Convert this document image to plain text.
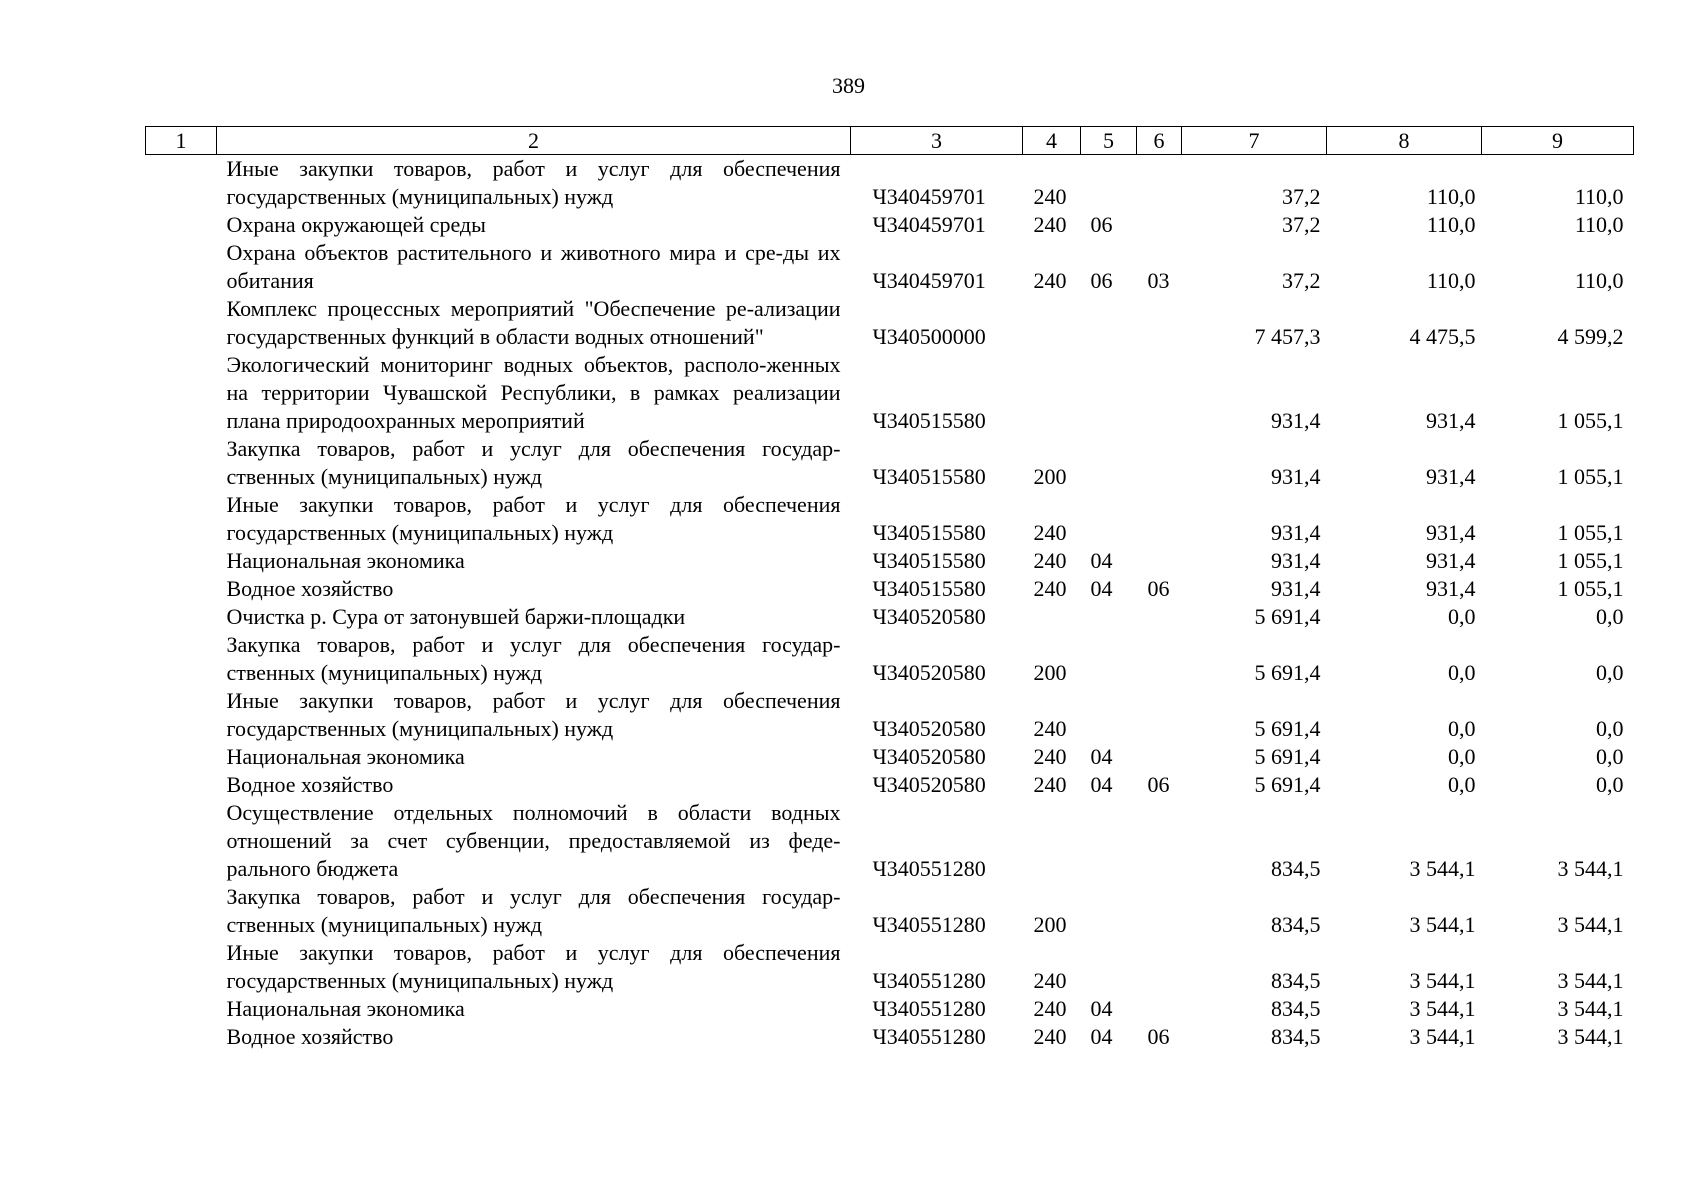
389
1	2	3	4	5	6	7	8	9
	Иные закупки товаров, работ и услуг для обеспечения государственных (муниципальных) нужд	Ч340459701	240			37,2	110,0	110,0
	Охрана окружающей среды	Ч340459701	240	06		37,2	110,0	110,0
	Охрана объектов растительного и животного мира и сре-ды их обитания	Ч340459701	240	06	03	37,2	110,0	110,0
	Комплекс процессных мероприятий "Обеспечение ре-ализации государственных функций в области водных отношений"	Ч340500000				7 457,3	4 475,5	4 599,2
	Экологический мониторинг водных объектов, располо-женных на территории Чувашской Республики, в рамках реализации плана природоохранных мероприятий	Ч340515580				931,4	931,4	1 055,1
	Закупка товаров, работ и услуг для обеспечения государ-ственных (муниципальных) нужд	Ч340515580	200			931,4	931,4	1 055,1
	Иные закупки товаров, работ и услуг для обеспечения государственных (муниципальных) нужд	Ч340515580	240			931,4	931,4	1 055,1
	Национальная экономика	Ч340515580	240	04		931,4	931,4	1 055,1
	Водное хозяйство	Ч340515580	240	04	06	931,4	931,4	1 055,1
	Очистка р. Сура от затонувшей баржи-площадки	Ч340520580				5 691,4	0,0	0,0
	Закупка товаров, работ и услуг для обеспечения государ-ственных (муниципальных) нужд	Ч340520580	200			5 691,4	0,0	0,0
	Иные закупки товаров, работ и услуг для обеспечения государственных (муниципальных) нужд	Ч340520580	240			5 691,4	0,0	0,0
	Национальная экономика	Ч340520580	240	04		5 691,4	0,0	0,0
	Водное хозяйство	Ч340520580	240	04	06	5 691,4	0,0	0,0
	Осуществление отдельных полномочий в области водных отношений за счет субвенции, предоставляемой из феде-рального бюджета	Ч340551280				834,5	3 544,1	3 544,1
	Закупка товаров, работ и услуг для обеспечения государ-ственных (муниципальных) нужд	Ч340551280	200			834,5	3 544,1	3 544,1
	Иные закупки товаров, работ и услуг для обеспечения государственных (муниципальных) нужд	Ч340551280	240			834,5	3 544,1	3 544,1
	Национальная экономика	Ч340551280	240	04		834,5	3 544,1	3 544,1
	Водное хозяйство	Ч340551280	240	04	06	834,5	3 544,1	3 544,1
